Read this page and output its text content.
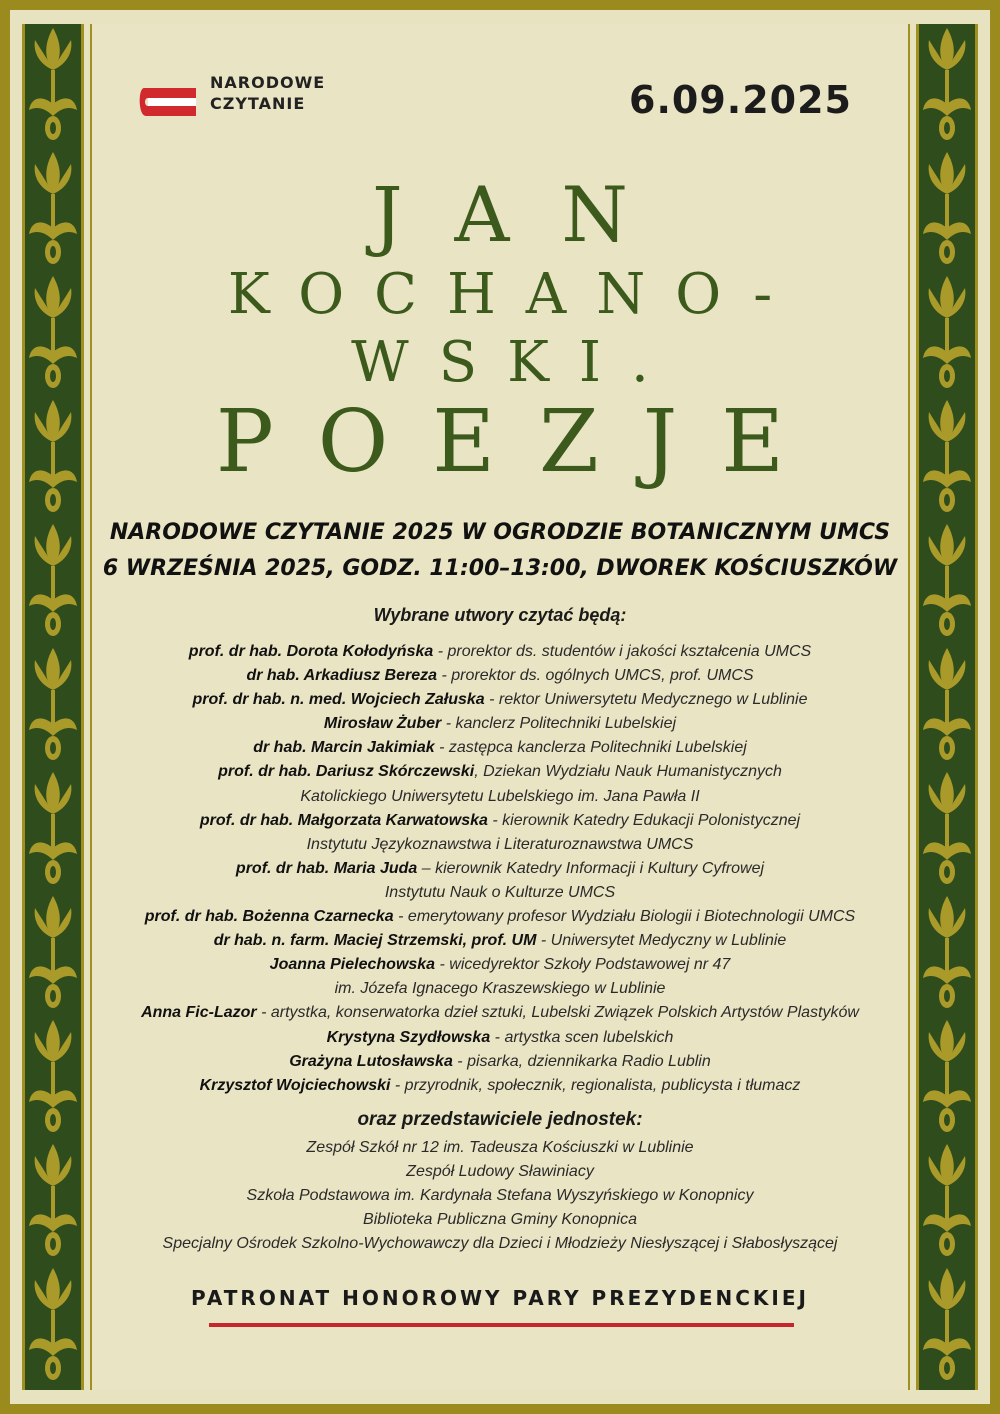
NARODOWE
CZYTANIE	6.09.2025
JAN
KOCHANO-
WSKI.
POEZJE
NARODOWE CZYTANIE 2025 W OGRODZIE BOTANICZNYM UMCS
6 WRZEŚNIA 2025, GODZ. 11:00–13:00, DWOREK KOŚCIUSZKÓW
Wybrane utwory czytać będą:
prof. dr hab. Dorota Kołodyńska - prorektor ds. studentów i jakości kształcenia UMCS
dr hab. Arkadiusz Bereza - prorektor ds. ogólnych UMCS, prof. UMCS
prof. dr hab. n. med. Wojciech Załuska - rektor Uniwersytetu Medycznego w Lublinie
Mirosław Żuber - kanclerz Politechniki Lubelskiej
dr hab. Marcin Jakimiak - zastępca kanclerza Politechniki Lubelskiej
prof. dr hab. Dariusz Skórczewski, Dziekan Wydziału Nauk Humanistycznych
Katolickiego Uniwersytetu Lubelskiego im. Jana Pawła II
prof. dr hab. Małgorzata Karwatowska - kierownik Katedry Edukacji Polonistycznej
Instytutu Językoznawstwa i Literaturoznawstwa UMCS
prof. dr hab. Maria Juda – kierownik Katedry Informacji i Kultury Cyfrowej
Instytutu Nauk o Kulturze UMCS
prof. dr hab. Bożenna Czarnecka - emerytowany profesor Wydziału Biologii i Biotechnologii UMCS
dr hab. n. farm. Maciej Strzemski, prof. UM - Uniwersytet Medyczny w Lublinie
Joanna Pielechowska - wicedyrektor Szkoły Podstawowej nr 47
im. Józefa Ignacego Kraszewskiego w Lublinie
Anna Fic-Lazor - artystka, konserwatorka dzieł sztuki, Lubelski Związek Polskich Artystów Plastyków
Krystyna Szydłowska - artystka scen lubelskich
Grażyna Lutosławska - pisarka, dziennikarka Radio Lublin
Krzysztof Wojciechowski - przyrodnik, społecznik, regionalista, publicysta i tłumacz
oraz przedstawiciele jednostek:
Zespół Szkół nr 12 im. Tadeusza Kościuszki w Lublinie
Zespół Ludowy Sławiniacy
Szkoła Podstawowa im. Kardynała Stefana Wyszyńskiego w Konopnicy
Biblioteka Publiczna Gminy Konopnica
Specjalny Ośrodek Szkolno-Wychowawczy dla Dzieci i Młodzieży Niesłyszącej i Słabosłyszącej
PATRONAT HONOROWY PARY PREZYDENCKIEJ
